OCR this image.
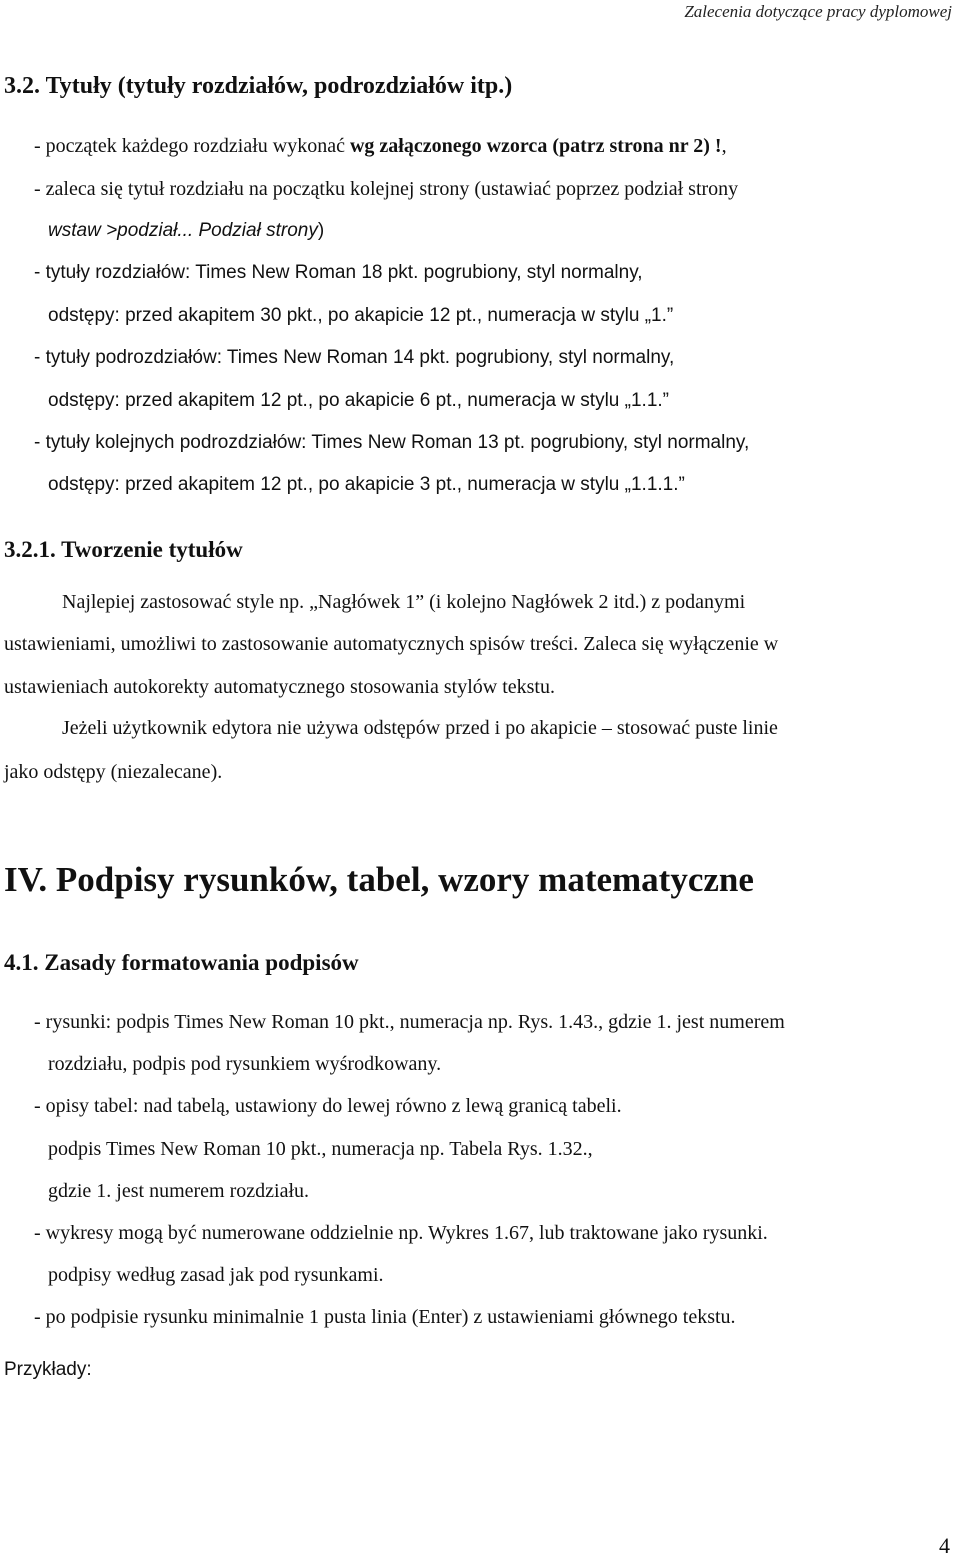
Zalecenia dotyczące pracy dyplomowej
3.2. Tytuły (tytuły rozdziałów, podrozdziałów itp.)
- początek każdego rozdziału wykonać wg załączonego wzorca (patrz strona nr 2) !,
- zaleca się tytuł rozdziału na początku kolejnej strony (ustawiać poprzez podział strony
wstaw >podział... Podział strony)
- tytuły rozdziałów: Times New Roman 18 pkt. pogrubiony, styl normalny,
odstępy: przed akapitem 30 pkt., po akapicie 12 pt., numeracja w stylu „1.”
- tytuły podrozdziałów: Times New Roman 14 pkt. pogrubiony, styl normalny,
odstępy: przed akapitem 12 pt., po akapicie 6 pt., numeracja w stylu „1.1.”
- tytuły kolejnych podrozdziałów: Times New Roman 13 pt. pogrubiony, styl normalny,
odstępy: przed akapitem 12 pt., po akapicie 3 pt., numeracja w stylu „1.1.1.”
3.2.1. Tworzenie tytułów
Najlepiej zastosować style np. „Nagłówek 1” (i kolejno Nagłówek 2 itd.) z podanymi
ustawieniami, umożliwi to zastosowanie automatycznych spisów treści. Zaleca się wyłączenie w
ustawieniach autokorekty automatycznego stosowania stylów tekstu.
Jeżeli użytkownik edytora nie używa odstępów przed i po akapicie – stosować puste linie
jako odstępy (niezalecane).
IV. Podpisy rysunków, tabel, wzory matematyczne
4.1. Zasady formatowania podpisów
- rysunki: podpis Times New Roman 10 pkt., numeracja np. Rys. 1.43., gdzie 1. jest numerem
rozdziału, podpis pod rysunkiem wyśrodkowany.
- opisy tabel: nad tabelą, ustawiony do lewej równo z lewą granicą tabeli.
podpis Times New Roman 10 pkt., numeracja np. Tabela Rys. 1.32.,
gdzie 1. jest numerem rozdziału.
- wykresy mogą być numerowane oddzielnie np. Wykres 1.67, lub traktowane jako rysunki.
podpisy według zasad jak pod rysunkami.
- po podpisie rysunku minimalnie 1 pusta linia (Enter) z ustawieniami głównego tekstu.
Przykłady:
4
